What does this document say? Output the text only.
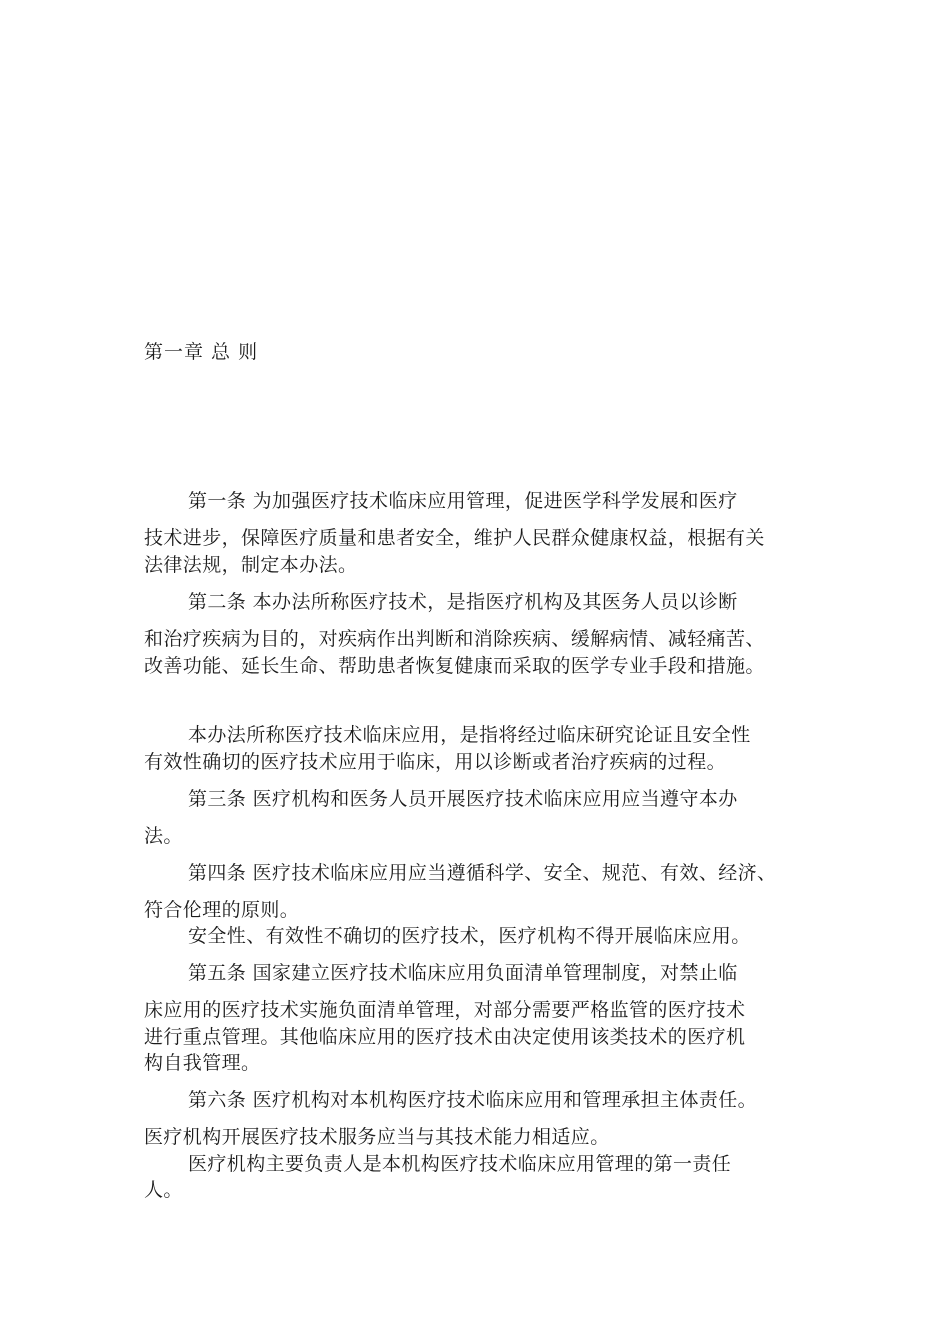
第一章 总 则
第一条 为加强医疗技术临床应用管理，促进医学科学发展和医疗
技术进步，保障医疗质量和患者安全，维护人民群众健康权益，根据有关
法律法规，制定本办法。
第二条 本办法所称医疗技术，是指医疗机构及其医务人员以诊断
和治疗疾病为目的，对疾病作出判断和消除疾病、缓解病情、减轻痛苦、
改善功能、延长生命、帮助患者恢复健康而采取的医学专业手段和措施。
本办法所称医疗技术临床应用，是指将经过临床研究论证且安全性
有效性确切的医疗技术应用于临床，用以诊断或者治疗疾病的过程。
第三条 医疗机构和医务人员开展医疗技术临床应用应当遵守本办
法。
第四条 医疗技术临床应用应当遵循科学、安全、规范、有效、经济、
符合伦理的原则。
安全性、有效性不确切的医疗技术，医疗机构不得开展临床应用。
第五条 国家建立医疗技术临床应用负面清单管理制度，对禁止临
床应用的医疗技术实施负面清单管理，对部分需要严格监管的医疗技术
进行重点管理。其他临床应用的医疗技术由决定使用该类技术的医疗机
构自我管理。
第六条 医疗机构对本机构医疗技术临床应用和管理承担主体责任。
医疗机构开展医疗技术服务应当与其技术能力相适应。
医疗机构主要负责人是本机构医疗技术临床应用管理的第一责任
人。
